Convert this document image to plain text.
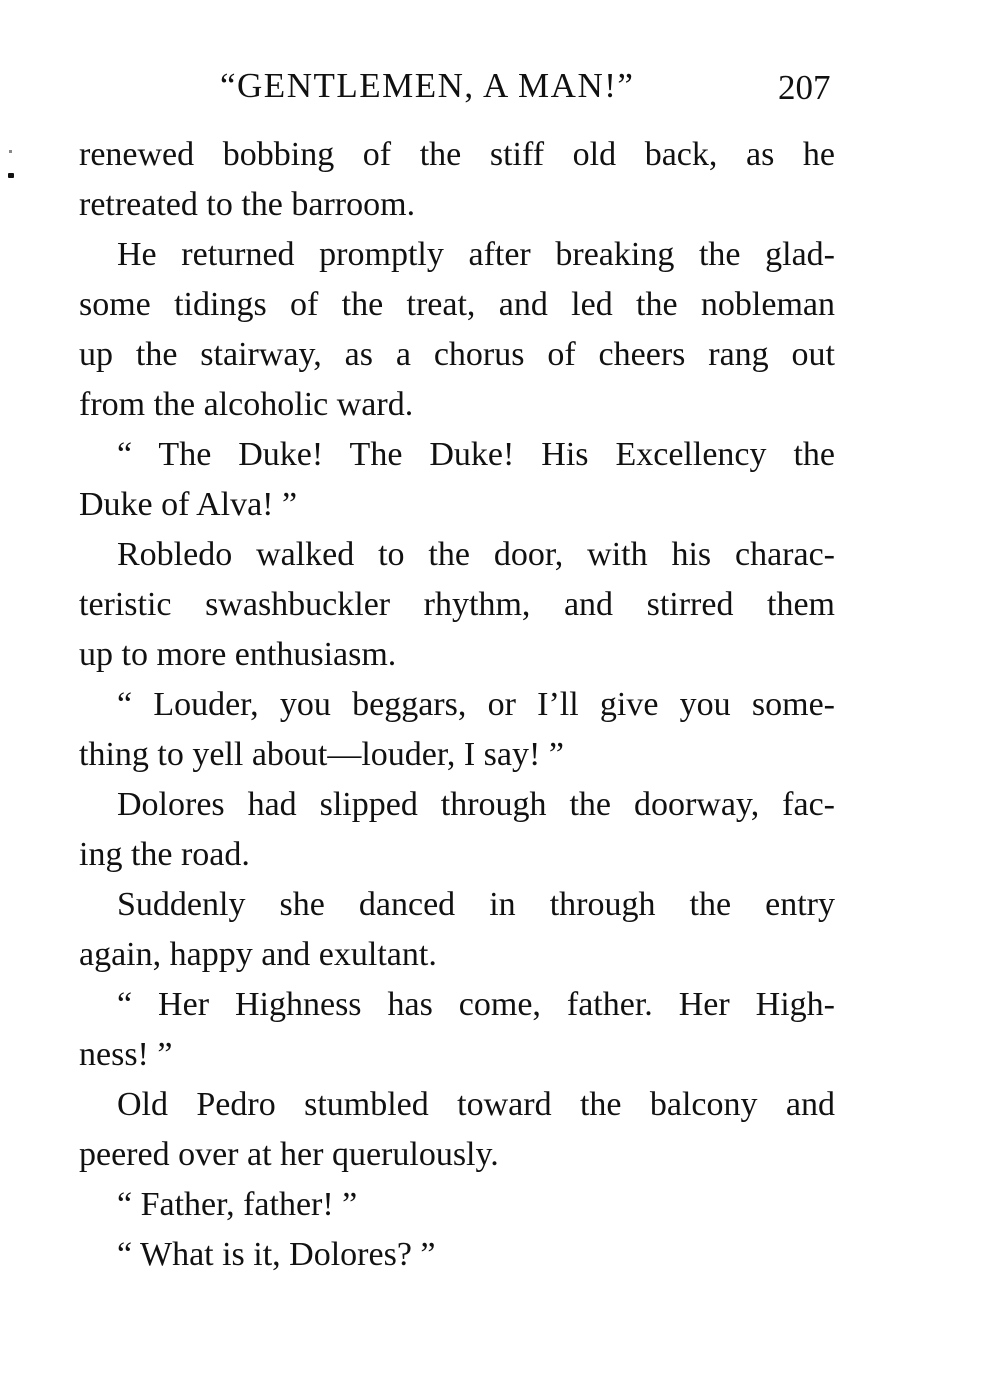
“GENTLEMEN, A MAN!”	207
renewed bobbing of the stiff old back, as he
retreated to the barroom.
He returned promptly after breaking the glad-
some tidings of the treat, and led the nobleman
up the stairway, as a chorus of cheers rang out
from the alcoholic ward.
“ The Duke! The Duke! His Excellency the
Duke of Alva! ”
Robledo walked to the door, with his charac-
teristic swashbuckler rhythm, and stirred them
up to more enthusiasm.
“ Louder, you beggars, or I’ll give you some-
thing to yell about—louder, I say! ”
Dolores had slipped through the doorway, fac-
ing the road.
Suddenly she danced in through the entry
again, happy and exultant.
“ Her Highness has come, father. Her High-
ness! ”
Old Pedro stumbled toward the balcony and
peered over at her querulously.
“ Father, father! ”
“ What is it, Dolores? ”
